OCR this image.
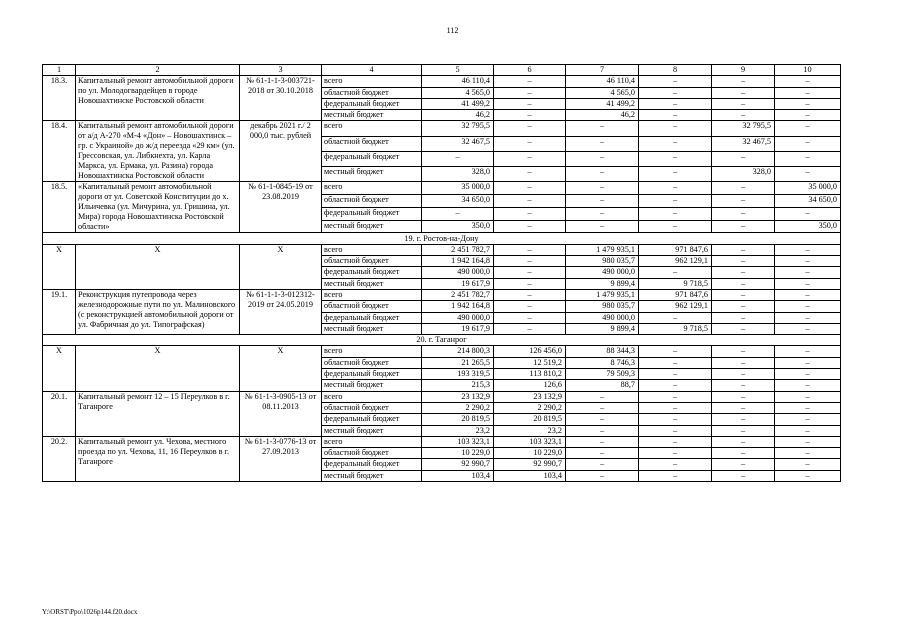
112
1	2	3	4	5	6	7	8	9	10
18.3.	Капитальный ремонт автомобильной дороги по ул. Молодогвардейцев в городе Новошахтинске Ростовской области	№ 61-1-1-3-003721-2018 от 30.10.2018	всего	46 110,4	–	46 110,4	–	–	–
			областной бюджет	4 565,0	–	4 565,0	–	–	–
			федеральный бюджет	41 499,2	–	41 499,2	–	–	–
			местный бюджет	46,2	–	46,2	–	–	–
18.4.	Капитальный ремонт автомобильной дороги от а/д А-270 «М-4 «Дон» – Новошахтинск – гр. с Украиной» до ж/д переезда «29 км» (ул. Грессовская, ул. Либкнехта, ул. Карла Маркса, ул. Ермака, ул. Разина) города Новошахтинска Ростовской области	декабрь 2021 г./ 2 000,0 тыс. рублей	всего	32 795,5	–	–	–	32 795,5	–
			областной бюджет	32 467,5	–	–	–	32 467,5	–
			федеральный бюджет	–	–	–	–	–	–
			местный бюджет	328,0	–	–	–	328,0	–
18.5.	«Капитальный ремонт автомобильной дороги от ул. Советской Конституции до х. Ильичевка (ул. Мичурина, ул. Гришина, ул. Мира) города Новошахтинска Ростовской области»	№ 61-1-0845-19 от 23.08.2019	всего	35 000,0	–	–	–	–	35 000,0
			областной бюджет	34 650,0	–	–	–	–	34 650,0
			федеральный бюджет	–	–	–	–	–	–
			местный бюджет	350,0	–	–	–	–	350,0
19. г. Ростов-на-Дону									
X	X	X	всего	2 451 782,7	–	1 479 935,1	971 847,6	–	–
			областной бюджет	1 942 164,8	–	980 035,7	962 129,1	–	–
			федеральный бюджет	490 000,0	–	490 000,0	–	–	–
			местный бюджет	19 617,9	–	9 899,4	9 718,5	–	–
19.1.	Реконструкция путепровода через железнодорожные пути по ул. Малиновского (с реконструкцией автомобильной дороги от ул. Фабричная до ул. Типографская)	№ 61-1-1-3-012312-2019 от 24.05.2019	всего	2 451 782,7	–	1 479 935,1	971 847,6	–	–
			областной бюджет	1 942 164,8	–	980 035,7	962 129,1	–	–
			федеральный бюджет	490 000,0	–	490 000,0	–	–	–
			местный бюджет	19 617,9	–	9 899,4	9 718,5	–	–
20. г. Таганрог									
X	X	X	всего	214 800,3	126 456,0	88 344,3	–	–	–
			областной бюджет	21 265,5	12 519,2	8 746,3	–	–	–
			федеральный бюджет	193 319,5	113 810,2	79 509,3	–	–	–
			местный бюджет	215,3	126,6	88,7	–	–	–
20.1.	Капитальный ремонт 12 – 15 Переулков в г. Таганроге	№ 61-1-3-0905-13 от 08.11.2013	всего	23 132,9	23 132,9	–	–	–	–
			областной бюджет	2 290,2	2 290,2	–	–	–	–
			федеральный бюджет	20 819,5	20 819,5	–	–	–	–
			местный бюджет	23,2	23,2	–	–	–	–
20.2.	Капитальный ремонт ул. Чехова, местного проезда по ул. Чехова, 11, 16 Переулков в г. Таганроге	№ 61-1-3-0776-13 от 27.09.2013	всего	103 323,1	103 323,1	–	–	–	–
			областной бюджет	10 229,0	10 229,0	–	–	–	–
			федеральный бюджет	92 990,7	92 990,7	–	–	–	–
			местный бюджет	103,4	103,4	–	–	–	–
Y:\ORST\Ppo\1026p144.f20.docx
